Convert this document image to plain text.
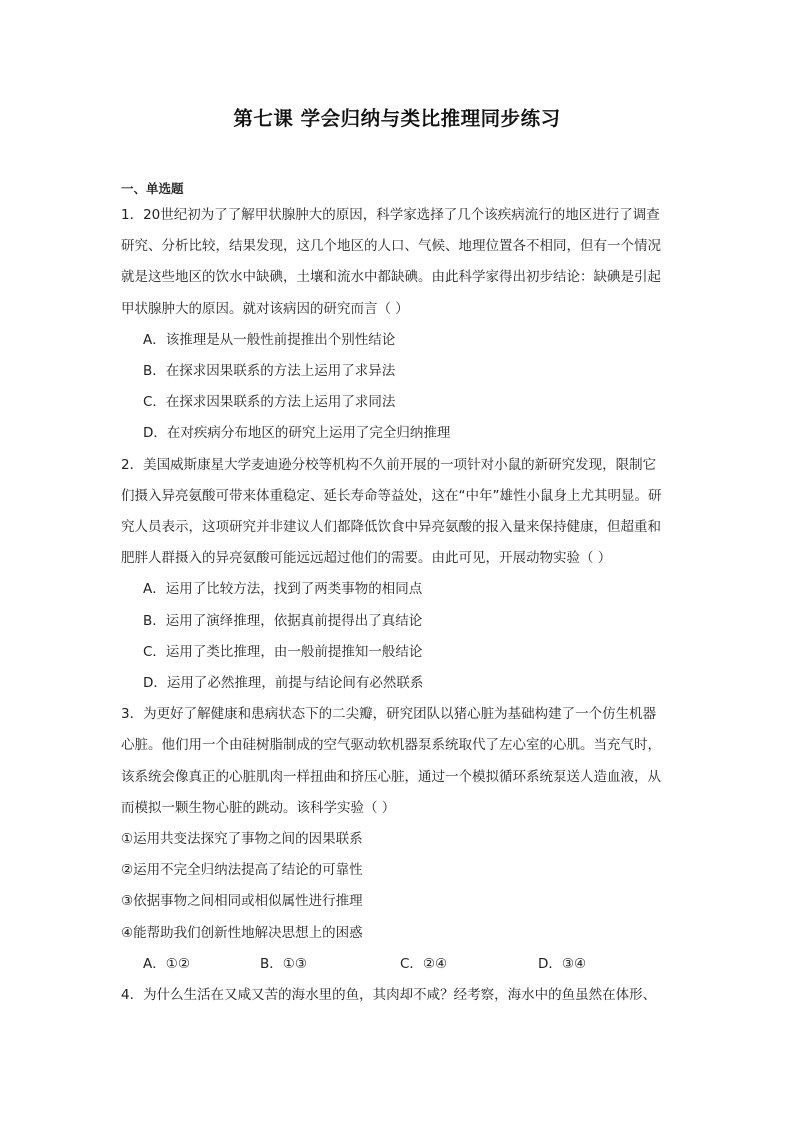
第七课 学会归纳与类比推理同步练习
一、单选题

1．20世纪初为了了解甲状腺肿大的原因，科学家选择了几个该疾病流行的地区进行了调查

研究、分析比较，结果发现，这几个地区的人口、气候、地理位置各不相同，但有一个情况

就是这些地区的饮水中缺碘，土壤和流水中都缺碘。由此科学家得出初步结论：缺碘是引起

甲状腺肿大的原因。就对该病因的研究而言（ ）

A．该推理是从一般性前提推出个别性结论

B．在探求因果联系的方法上运用了求异法

C．在探求因果联系的方法上运用了求同法

D．在对疾病分布地区的研究上运用了完全归纳推理

2．美国威斯康星大学麦迪逊分校等机构不久前开展的一项针对小鼠的新研究发现，限制它

们摄入异亮氨酸可带来体重稳定、延长寿命等益处，这在“中年”雄性小鼠身上尤其明显。研

究人员表示，这项研究并非建议人们都降低饮食中异亮氨酸的报入量来保持健康，但超重和

肥胖人群摄入的异亮氨酸可能远远超过他们的需要。由此可见，开展动物实验（ ）

A．运用了比较方法，找到了两类事物的相同点

B．运用了演绎推理，依据真前提得出了真结论

C．运用了类比推理，由一般前提推知一般结论

D．运用了必然推理，前提与结论间有必然联系

3．为更好了解健康和患病状态下的二尖瓣，研究团队以猪心脏为基础构建了一个仿生机器

心脏。他们用一个由硅树脂制成的空气驱动软机器泵系统取代了左心室的心肌。当充气时，

该系统会像真正的心脏肌肉一样扭曲和挤压心脏，通过一个模拟循环系统泵送人造血液，从

而模拟一颗生物心脏的跳动。该科学实验（ ）

①运用共变法探究了事物之间的因果联系

②运用不完全归纳法提高了结论的可靠性

③依据事物之间相同或相似属性进行推理

④能帮助我们创新性地解决思想上的困惑

A．①②	B．①③	C．②④	D．③④

4．为什么生活在又咸又苦的海水里的鱼，其肉却不咸？经考察，海水中的鱼虽然在体形、
